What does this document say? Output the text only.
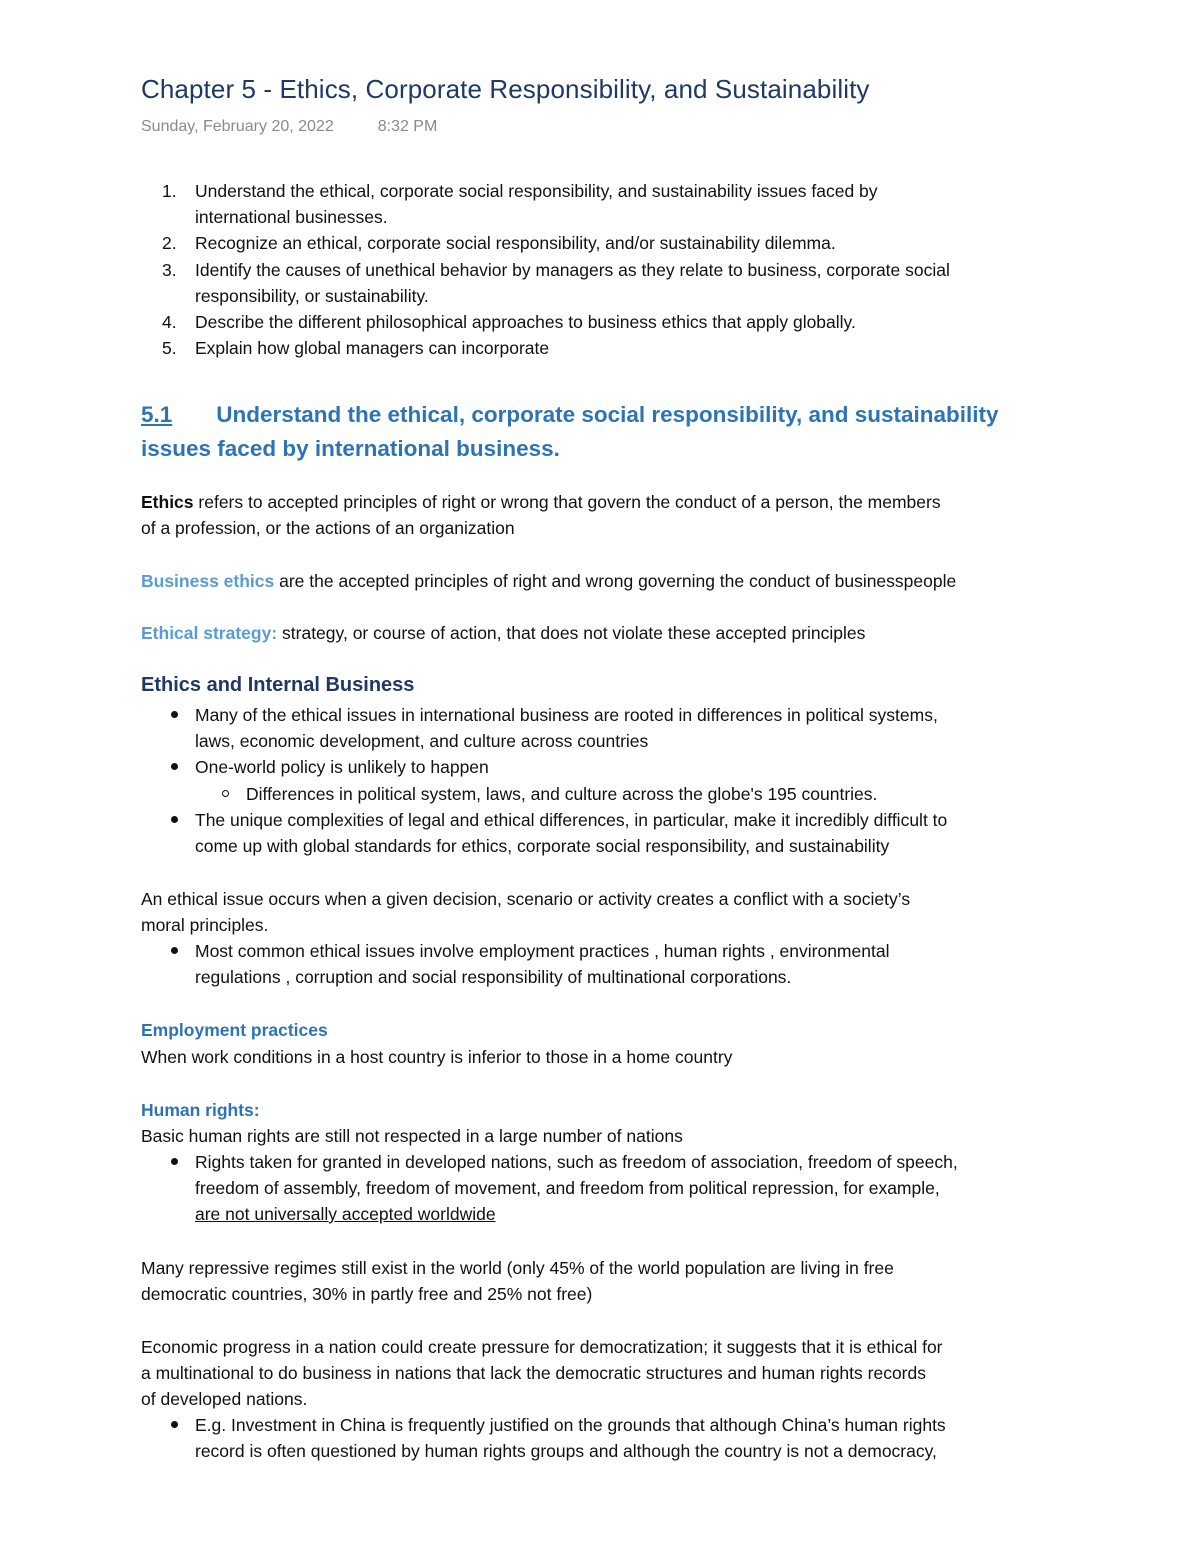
Chapter 5 - Ethics, Corporate Responsibility, and Sustainability
Sunday, February 20, 2022	8:32 PM
1. Understand the ethical, corporate social responsibility, and sustainability issues faced by
international businesses.
2. Recognize an ethical, corporate social responsibility, and/or sustainability dilemma.
3. Identify the causes of unethical behavior by managers as they relate to business, corporate social
responsibility, or sustainability.
4. Describe the different philosophical approaches to business ethics that apply globally.
5. Explain how global managers can incorporate
5.1 Understand the ethical, corporate social responsibility, and sustainability
issues faced by international business.
Ethics refers to accepted principles of right or wrong that govern the conduct of a person, the members
of a profession, or the actions of an organization
Business ethics are the accepted principles of right and wrong governing the conduct of businesspeople
Ethical strategy: strategy, or course of action, that does not violate these accepted principles
Ethics and Internal Business
Many of the ethical issues in international business are rooted in differences in political systems,
laws, economic development, and culture across countries
One-world policy is unlikely to happen
Differences in political system, laws, and culture across the globe's 195 countries.
The unique complexities of legal and ethical differences, in particular, make it incredibly difficult to
come up with global standards for ethics, corporate social responsibility, and sustainability
An ethical issue occurs when a given decision, scenario or activity creates a conflict with a society’s
moral principles.
Most common ethical issues involve employment practices , human rights , environmental
regulations , corruption and social responsibility of multinational corporations.
Employment practices
When work conditions in a host country is inferior to those in a home country
Human rights:
Basic human rights are still not respected in a large number of nations
Rights taken for granted in developed nations, such as freedom of association, freedom of speech,
freedom of assembly, freedom of movement, and freedom from political repression, for example,
are not universally accepted worldwide
Many repressive regimes still exist in the world (only 45% of the world population are living in free
democratic countries, 30% in partly free and 25% not free)
Economic progress in a nation could create pressure for democratization; it suggests that it is ethical for
a multinational to do business in nations that lack the democratic structures and human rights records
of developed nations.
E.g. Investment in China is frequently justified on the grounds that although China’s human rights
record is often questioned by human rights groups and although the country is not a democracy,
